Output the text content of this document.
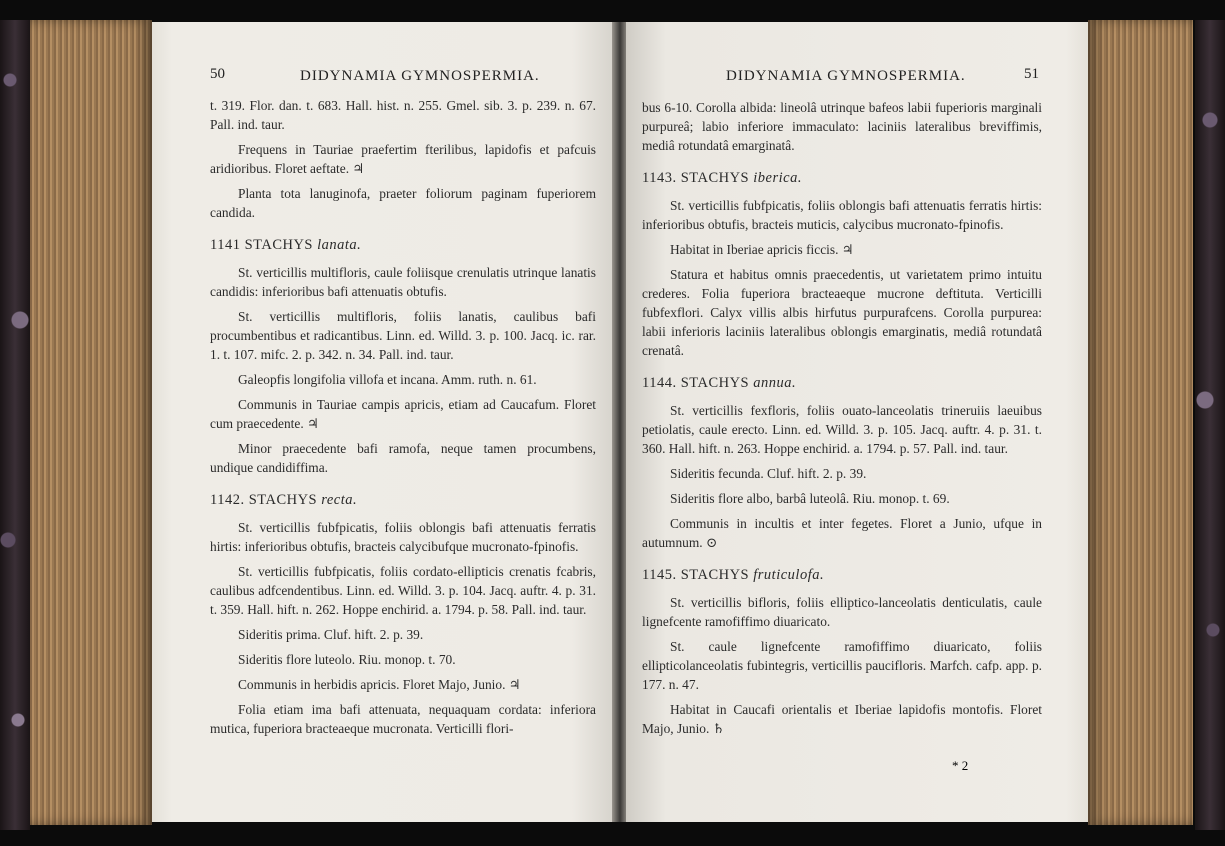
50	DIDYNAMIA GYMNOSPERMIA.

t. 319. Flor. dan. t. 683. Hall. hist. n. 255. Gmel. sib. 3. p. 239. n. 67. Pall. ind. taur.

Frequens in Tauriae praefertim fterilibus, lapidofis et pafcuis aridioribus. Floret aeftate. ♃

Planta tota lanuginofa, praeter foliorum paginam fuperiorem candida.

1141 STACHYS lanata.

St. verticillis multifloris, caule foliisque crenulatis utrinque lanatis candidis: inferioribus bafi attenuatis obtufis.

St. verticillis multifloris, foliis lanatis, caulibus bafi procumbentibus et radicantibus. Linn. ed. Willd. 3. p. 100. Jacq. ic. rar. 1. t. 107. mifc. 2. p. 342. n. 34. Pall. ind. taur.

Galeopfis longifolia villofa et incana. Amm. ruth. n. 61.

Communis in Tauriae campis apricis, etiam ad Caucafum. Floret cum praecedente. ♃

Minor praecedente bafi ramofa, neque tamen procumbens, undique candidiffima.

1142. STACHYS recta.

St. verticillis fubfpicatis, foliis oblongis bafi attenuatis ferratis hirtis: inferioribus obtufis, bracteis calycibufque mucronato-fpinofis.

St. verticillis fubfpicatis, foliis cordato-ellipticis crenatis fcabris, caulibus adfcendentibus. Linn. ed. Willd. 3. p. 104. Jacq. auftr. 4. p. 31. t. 359. Hall. hift. n. 262. Hoppe enchirid. a. 1794. p. 58. Pall. ind. taur.

Sideritis prima. Cluf. hift. 2. p. 39.

Sideritis flore luteolo. Riu. monop. t. 70.

Communis in herbidis apricis. Floret Majo, Junio. ♃

Folia etiam ima bafi attenuata, nequaquam cordata: inferiora mutica, fuperiora bracteaeque mucronata. Verticilli flori-

DIDYNAMIA GYMNOSPERMIA.	51

bus 6-10. Corolla albida: lineolâ utrinque bafeos labii fuperioris marginali purpureâ; labio inferiore immaculato: laciniis lateralibus breviffimis, mediâ rotundatâ emarginatâ.

1143. STACHYS iberica.

St. verticillis fubfpicatis, foliis oblongis bafi attenuatis ferratis hirtis: inferioribus obtufis, bracteis muticis, calycibus mucronato-fpinofis.

Habitat in Iberiae apricis ficcis. ♃

Statura et habitus omnis praecedentis, ut varietatem primo intuitu crederes. Folia fuperiora bracteaeque mucrone deftituta. Verticilli fubfexflori. Calyx villis albis hirfutus purpurafcens. Corolla purpurea: labii inferioris laciniis lateralibus oblongis emarginatis, mediâ rotundatâ crenatâ.

1144. STACHYS annua.

St. verticillis fexfloris, foliis ouato-lanceolatis trineruiis laeuibus petiolatis, caule erecto. Linn. ed. Willd. 3. p. 105. Jacq. auftr. 4. p. 31. t. 360. Hall. hift. n. 263. Hoppe enchirid. a. 1794. p. 57. Pall. ind. taur.

Sideritis fecunda. Cluf. hift. 2. p. 39.

Sideritis flore albo, barbâ luteolâ. Riu. monop. t. 69.

Communis in incultis et inter fegetes. Floret a Junio, ufque in autumnum. ⊙

1145. STACHYS fruticulofa.

St. verticillis bifloris, foliis elliptico-lanceolatis denticulatis, caule lignefcente ramofiffimo diuaricato.

St. caule lignefcente ramofiffimo diuaricato, foliis ellipticolanceolatis fubintegris, verticillis paucifloris. Marfch. cafp. app. p. 177. n. 47.

Habitat in Caucafi orientalis et Iberiae lapidofis montofis. Floret Majo, Junio. ♄

* 2
